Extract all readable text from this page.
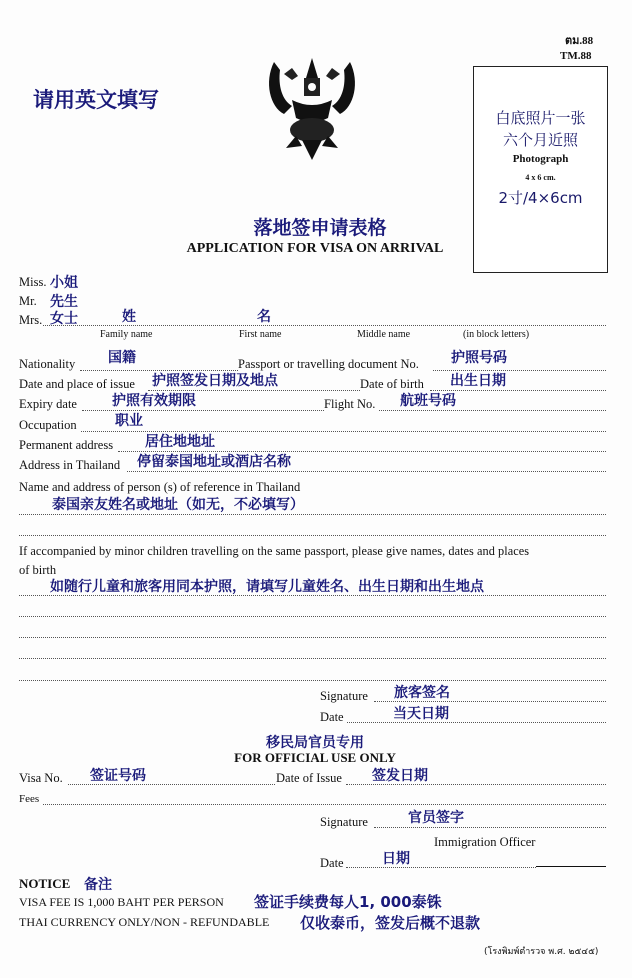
ตม.88
TM.88
请用英文填写
白底照片一张
六个月近照
Photograph
4 x 6 cm.
2寸/4×6cm
落地签申请表格
APPLICATION FOR VISA ON ARRIVAL
Miss. 小姐
Mr. 先生
Mrs. 女士	姓	名
Family name	First name	Middle name	(in block letters)
Nationality 国籍	Passport or travelling document No. 护照号码
Date and place of issue 护照签发日期及地点	Date of birth 出生日期
Expiry date	护照有效期限	Flight No. 航班号码
Occupation	职业
Permanent address 居住地地址
Address in Thailand 停留泰国地址或酒店名称
Name and address of person (s) of reference in Thailand
泰国亲友姓名或地址（如无，不必填写）
If accompanied by minor children travelling on the same passport, please give names, dates and places
of birth
如随行儿童和旅客用同本护照，请填写儿童姓名、出生日期和出生地点
Signature 旅客签名
Date	当天日期
移民局官员专用
FOR OFFICIAL USE ONLY
Visa No. 签证号码	Date of Issue 签发日期
Fees
Signature	官员签字
Immigration Officer
Date	日期
NOTICE 备注
VISA FEE IS 1,000 BAHT PER PERSON 签证手续费每人1, 000泰铢
THAI CURRENCY ONLY/NON - REFUNDABLE 仅收泰币，签发后概不退款
(โรงพิมพ์ตำรวจ พ.ศ. ๒๕๔๕)
